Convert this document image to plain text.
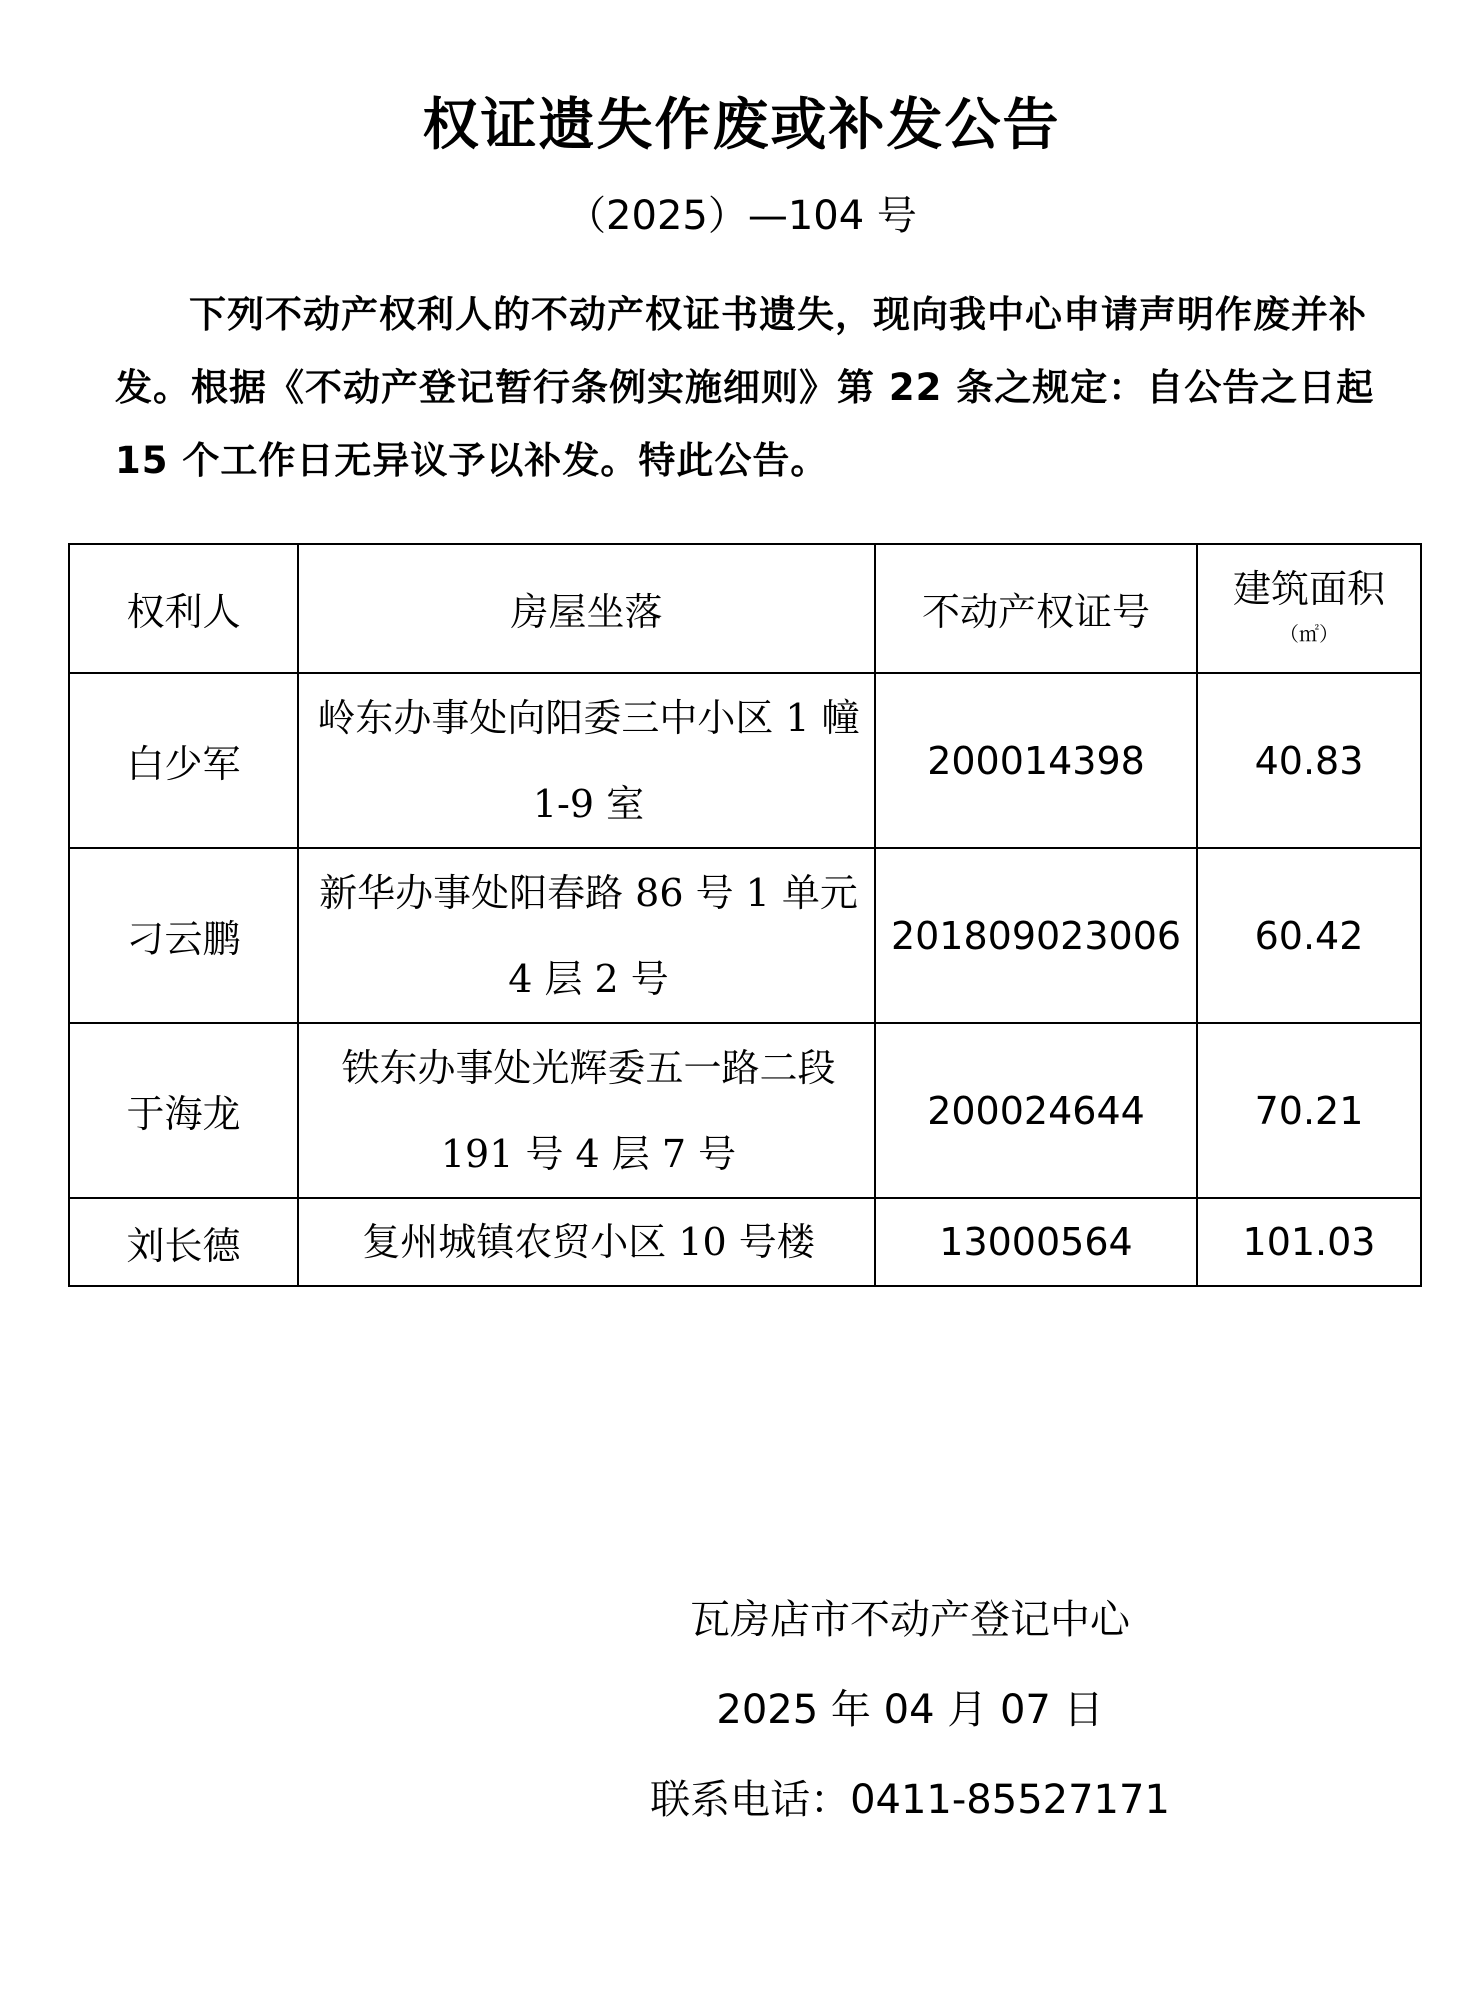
权证遗失作废或补发公告
（2025）—104 号

下列不动产权利人的不动产权证书遗失，现向我中心申请声明作废并补发。根据《不动产登记暂行条例实施细则》第 22 条之规定：自公告之日起 15 个工作日无异议予以补发。特此公告。

权利人	房屋坐落	不动产权证号	建筑面积
（㎡）

白少军	岭东办事处向阳委三中小区 1 幢 1-9 室	200014398	40.83
刁云鹏	新华办事处阳春路 86 号 1 单元 4 层 2 号	201809023006	60.42
于海龙	铁东办事处光辉委五一路二段 191 号 4 层 7 号	200024644	70.21
刘长德	复州城镇农贸小区 10 号楼	13000564	101.03
瓦房店市不动产登记中心
2025 年 04 月 07 日
联系电话：0411-85527171
